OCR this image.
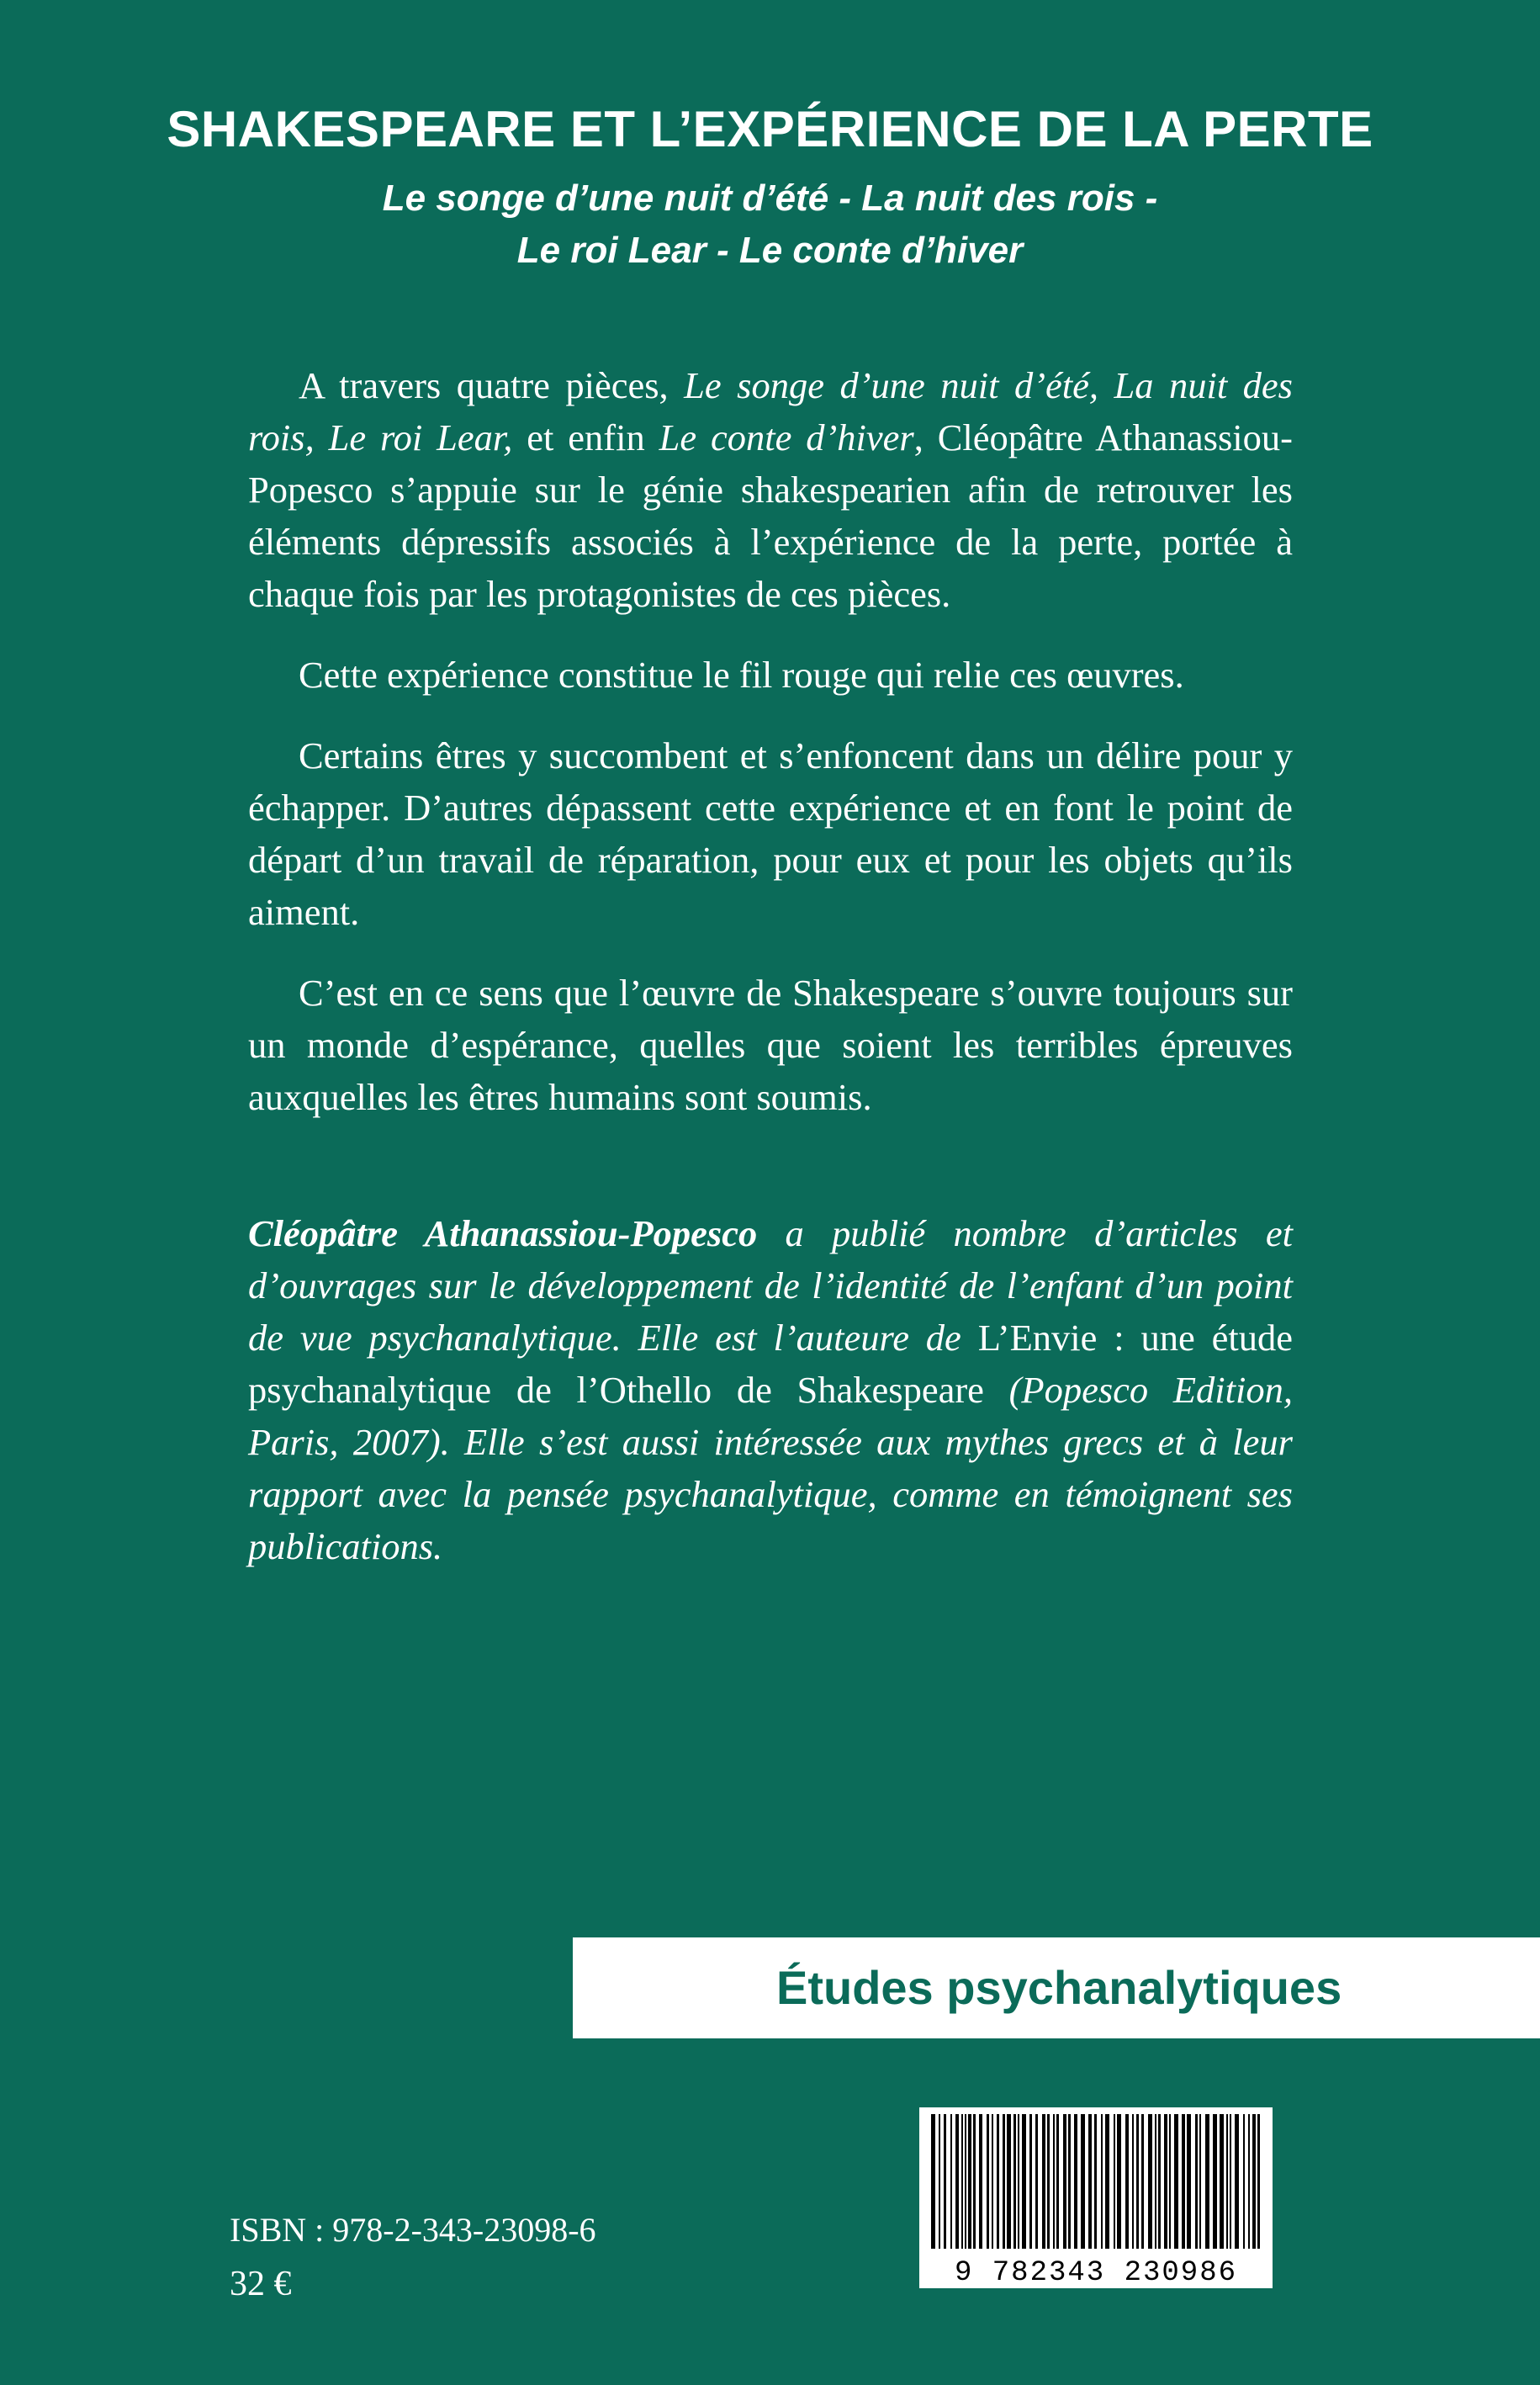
SHAKESPEARE ET L’EXPÉRIENCE DE LA PERTE
Le songe d’une nuit d’été - La nuit des rois -
Le roi Lear - Le conte d’hiver

A travers quatre pièces, Le songe d’une nuit d’été, La nuit des rois, Le roi Lear, et enfin Le conte d’hiver, Cléopâtre Athanassiou-Popesco s’appuie sur le génie shakespearien afin de retrouver les éléments dépressifs associés à l’expérience de la perte, portée à chaque fois par les protagonistes de ces pièces.

Cette expérience constitue le fil rouge qui relie ces œuvres.

Certains êtres y succombent et s’enfoncent dans un délire pour y échapper. D’autres dépassent cette expérience et en font le point de départ d’un travail de réparation, pour eux et pour les objets qu’ils aiment.

C’est en ce sens que l’œuvre de Shakespeare s’ouvre toujours sur un monde d’espérance, quelles que soient les terribles épreuves auxquelles les êtres humains sont soumis.

Cléopâtre Athanassiou-Popesco a publié nombre d’articles et d’ouvrages sur le développement de l’identité de l’enfant d’un point de vue psychanalytique. Elle est l’auteure de L’Envie : une étude psychanalytique de l’Othello de Shakespeare (Popesco Edition, Paris, 2007). Elle s’est aussi intéressée aux mythes grecs et à leur rapport avec la pensée psychanalytique, comme en témoignent ses publications.

Études psychanalytiques
ISBN : 978-2-343-23098-6
32 €	9 782343 230986
